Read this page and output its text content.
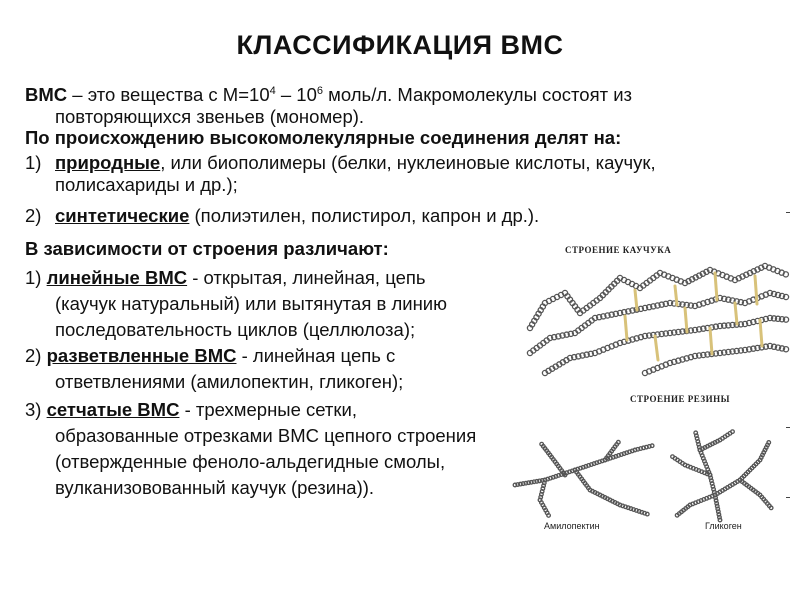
КЛАССИФИКАЦИЯ ВМС
ВМС – это вещества с $М=10^4 - 10^6$ моль/л. Макромолекулы состоят из
повторяющихся звеньев (мономер).
По происхождению высокомолекулярные соединения делят на:
1) природные, или биополимеры (белки, нуклеиновые кислоты, каучук,
полисахариды и др.);
2) синтетические (полиэтилен, полистирол, капрон и др.).
В зависимости от строения различают:
1) линейные ВМС - открытая, линейная, цепь
(каучук натуральный) или вытянутая в линию
последовательность циклов (целлюлоза);
2) разветвленные ВМС - линейная цепь с
ответвлениями (амилопектин, гликоген);
3) сетчатые ВМС - трехмерные сетки,
образованные отрезками ВМС цепного строения
(отвержденные феноло-альдегидные смолы,
вулканизовованный каучук (резина)).
СТРОЕНИЕ КАУЧУКА
СТРОЕНИЕ РЕЗИНЫ
Амилопектин	Гликоген
